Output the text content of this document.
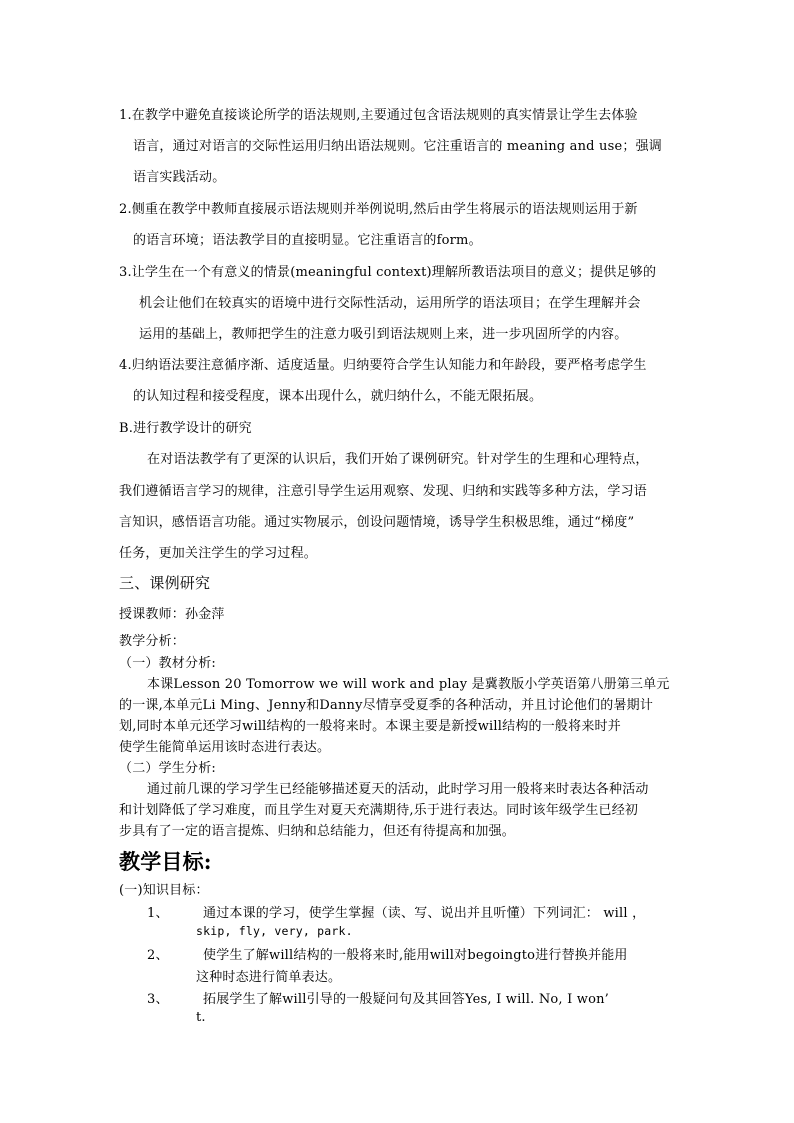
1.在教学中避免直接谈论所学的语法规则,主要通过包含语法规则的真实情景让学生去体验
语言，通过对语言的交际性运用归纳出语法规则。它注重语言的 meaning and use；强调
语言实践活动。
2.侧重在教学中教师直接展示语法规则并举例说明,然后由学生将展示的语法规则运用于新
的语言环境；语法教学目的直接明显。它注重语言的form。
3.让学生在一个有意义的情景(meaningful context)理解所教语法项目的意义；提供足够的
机会让他们在较真实的语境中进行交际性活动，运用所学的语法项目；在学生理解并会
运用的基础上，教师把学生的注意力吸引到语法规则上来，进一步巩固所学的内容。
4.归纳语法要注意循序渐、适度适量。归纳要符合学生认知能力和年龄段，要严格考虑学生
的认知过程和接受程度，课本出现什么，就归纳什么，不能无限拓展。
B.进行教学设计的研究
在对语法教学有了更深的认识后，我们开始了课例研究。针对学生的生理和心理特点，
我们遵循语言学习的规律，注意引导学生运用观察、发现、归纳和实践等多种方法，学习语
言知识，感悟语言功能。通过实物展示，创设问题情境，诱导学生积极思维，通过“梯度”
任务，更加关注学生的学习过程。
三、课例研究
授课教师：孙金萍
教学分析：
（一）教材分析:
本课Lesson 20 Tomorrow we will work and play 是冀教版小学英语第八册第三单元
的一课,本单元Li Ming、Jenny和Danny尽情享受夏季的各种活动，并且讨论他们的暑期计
划,同时本单元还学习will结构的一般将来时。本课主要是新授will结构的一般将来时并
使学生能简单运用该时态进行表达。
（二）学生分析:
通过前几课的学习学生已经能够描述夏天的活动，此时学习用一般将来时表达各种活动
和计划降低了学习难度，而且学生对夏天充满期待,乐于进行表达。同时该年级学生已经初
步具有了一定的语言提炼、归纳和总结能力，但还有待提高和加强。
教学目标:
(一)知识目标：
1、	通过本课的学习，使学生掌握（读、写、说出并且听懂）下列词汇： will ，
skip, fly, very, park.
2、	使学生了解will结构的一般将来时,能用will对begoingto进行替换并能用
这种时态进行简单表达。
3、	拓展学生了解will引导的一般疑问句及其回答Yes, I will. No, I won’
t.
